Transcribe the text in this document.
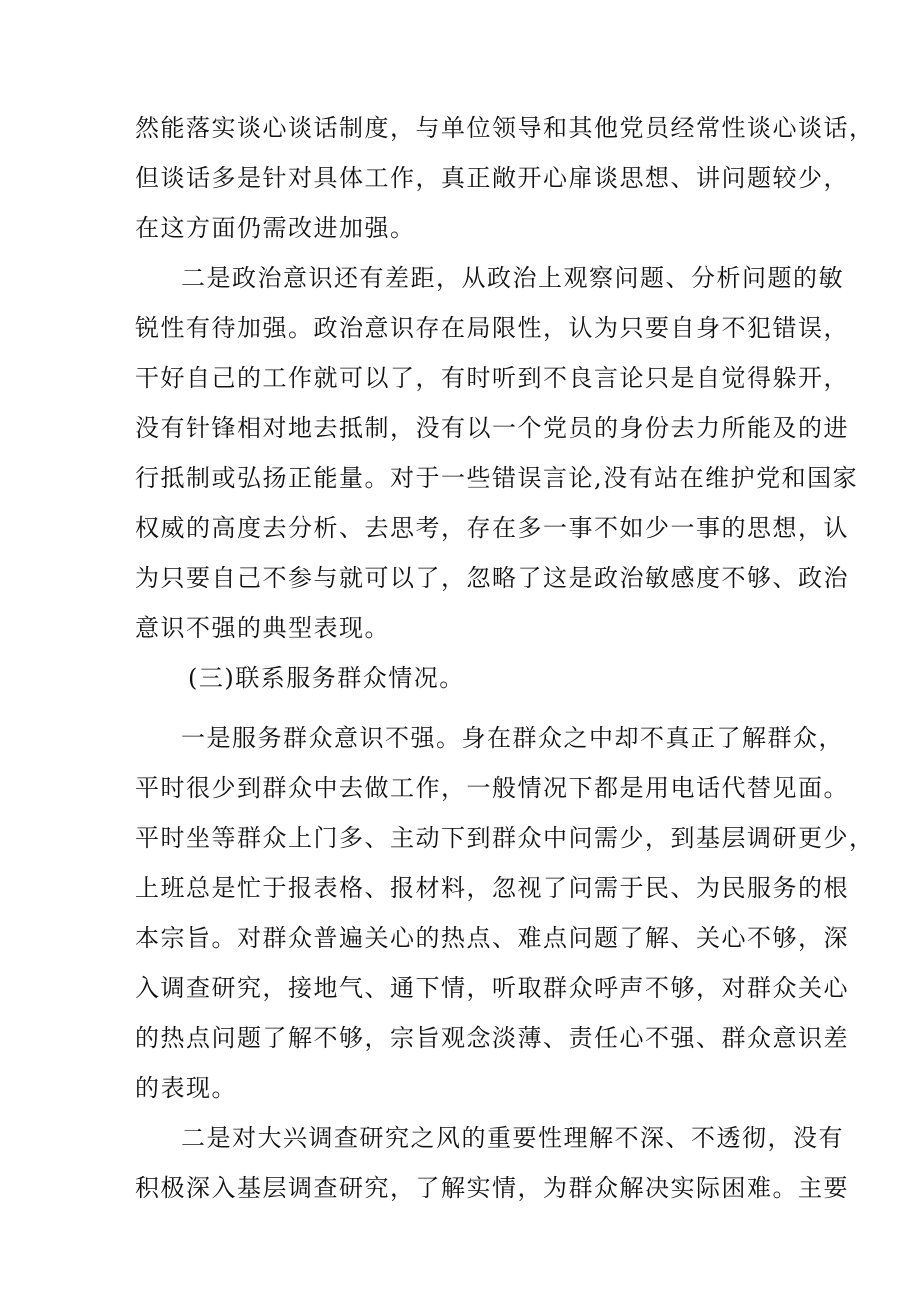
然能落实谈心谈话制度，与单位领导和其他党员经常性谈心谈话，
但谈话多是针对具体工作，真正敞开心扉谈思想、讲问题较少，
在这方面仍需改进加强。
二是政治意识还有差距，从政治上观察问题、分析问题的敏
锐性有待加强。政治意识存在局限性，认为只要自身不犯错误，
干好自己的工作就可以了，有时听到不良言论只是自觉得躲开，
没有针锋相对地去抵制，没有以一个党员的身份去力所能及的进
行抵制或弘扬正能量。对于一些错误言论,没有站在维护党和国家
权威的高度去分析、去思考，存在多一事不如少一事的思想，认
为只要自己不参与就可以了，忽略了这是政治敏感度不够、政治
意识不强的典型表现。
(三)联系服务群众情况。
一是服务群众意识不强。身在群众之中却不真正了解群众，
平时很少到群众中去做工作，一般情况下都是用电话代替见面。
平时坐等群众上门多、主动下到群众中问需少，到基层调研更少，
上班总是忙于报表格、报材料，忽视了问需于民、为民服务的根
本宗旨。对群众普遍关心的热点、难点问题了解、关心不够，深
入调查研究，接地气、通下情，听取群众呼声不够，对群众关心
的热点问题了解不够，宗旨观念淡薄、责任心不强、群众意识差
的表现。
二是对大兴调查研究之风的重要性理解不深、不透彻，没有
积极深入基层调查研究，了解实情，为群众解决实际困难。主要
